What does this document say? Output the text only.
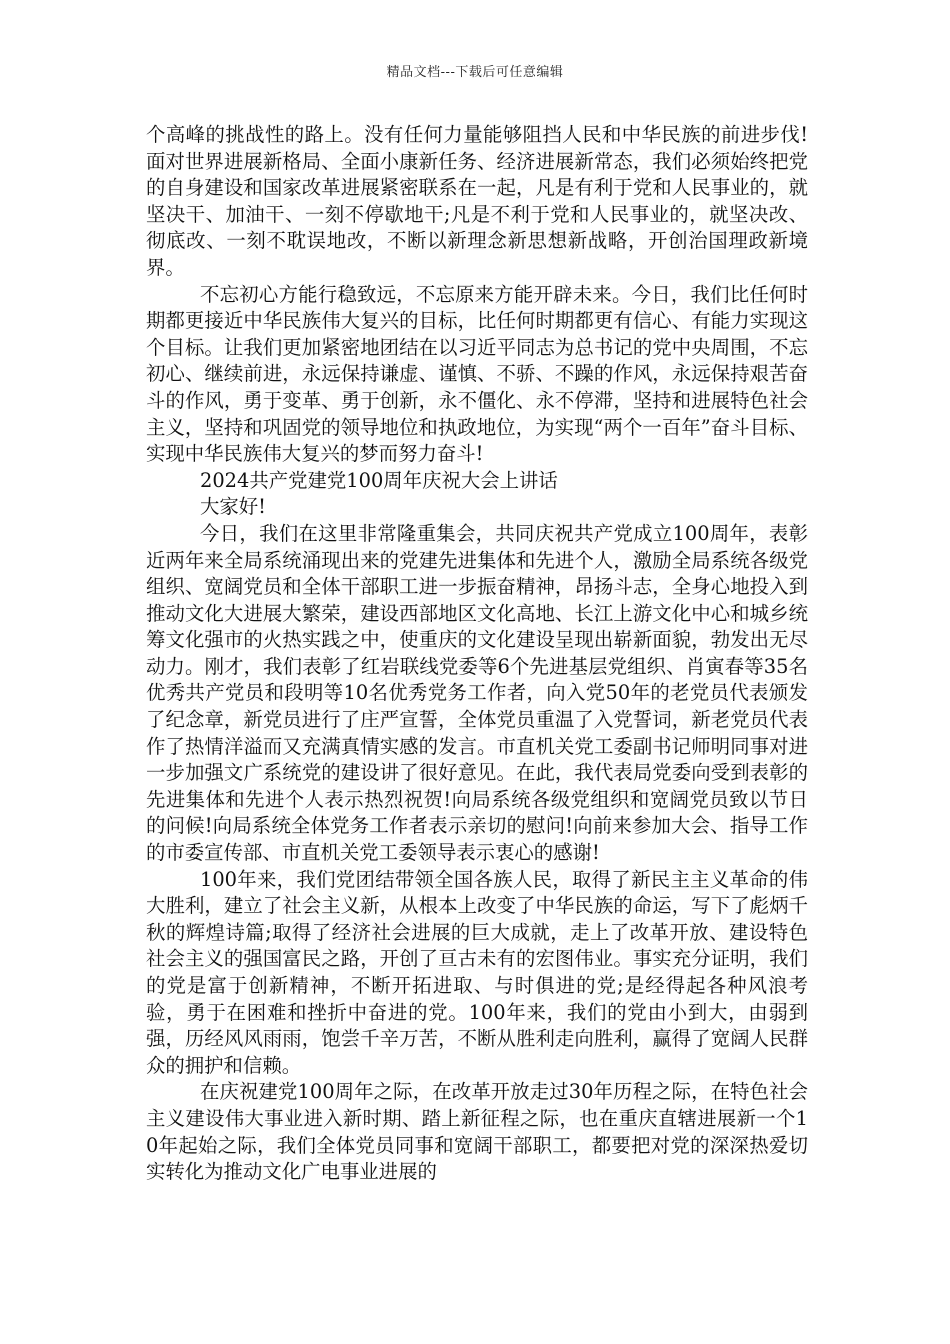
精品文档---下载后可任意编辑

个高峰的挑战性的路上。没有任何力量能够阻挡人民和中华民族的前进步伐!面对世界进展新格局、全面小康新任务、经济进展新常态，我们必须始终把党的自身建设和国家改革进展紧密联系在一起，凡是有利于党和人民事业的，就坚决干、加油干、一刻不停歇地干;凡是不利于党和人民事业的，就坚决改、彻底改、一刻不耽误地改，不断以新理念新思想新战略，开创治国理政新境界。

不忘初心方能行稳致远，不忘原来方能开辟未来。今日，我们比任何时期都更接近中华民族伟大复兴的目标，比任何时期都更有信心、有能力实现这个目标。让我们更加紧密地团结在以习近平同志为总书记的党中央周围，不忘初心、继续前进，永远保持谦虚、谨慎、不骄、不躁的作风，永远保持艰苦奋斗的作风，勇于变革、勇于创新，永不僵化、永不停滞，坚持和进展特色社会主义，坚持和巩固党的领导地位和执政地位，为实现“两个一百年”奋斗目标、实现中华民族伟大复兴的梦而努力奋斗!

2024共产党建党100周年庆祝大会上讲话

大家好!

今日，我们在这里非常隆重集会，共同庆祝共产党成立100周年，表彰近两年来全局系统涌现出来的党建先进集体和先进个人，激励全局系统各级党组织、宽阔党员和全体干部职工进一步振奋精神，昂扬斗志，全身心地投入到推动文化大进展大繁荣，建设西部地区文化高地、长江上游文化中心和城乡统筹文化强市的火热实践之中，使重庆的文化建设呈现出崭新面貌，勃发出无尽动力。刚才，我们表彰了红岩联线党委等6个先进基层党组织、肖寅春等35名优秀共产党员和段明等10名优秀党务工作者，向入党50年的老党员代表颁发了纪念章，新党员进行了庄严宣誓，全体党员重温了入党誓词，新老党员代表作了热情洋溢而又充满真情实感的发言。市直机关党工委副书记师明同事对进一步加强文广系统党的建设讲了很好意见。在此，我代表局党委向受到表彰的先进集体和先进个人表示热烈祝贺!向局系统各级党组织和宽阔党员致以节日的问候!向局系统全体党务工作者表示亲切的慰问!向前来参加大会、指导工作的市委宣传部、市直机关党工委领导表示衷心的感谢!

100年来，我们党团结带领全国各族人民，取得了新民主主义革命的伟大胜利，建立了社会主义新，从根本上改变了中华民族的命运，写下了彪炳千秋的辉煌诗篇;取得了经济社会进展的巨大成就，走上了改革开放、建设特色社会主义的强国富民之路，开创了亘古未有的宏图伟业。事实充分证明，我们的党是富于创新精神，不断开拓进取、与时俱进的党;是经得起各种风浪考验，勇于在困难和挫折中奋进的党。100年来，我们的党由小到大，由弱到强，历经风风雨雨，饱尝千辛万苦，不断从胜利走向胜利，赢得了宽阔人民群众的拥护和信赖。

在庆祝建党100周年之际，在改革开放走过30年历程之际，在特色社会主义建设伟大事业进入新时期、踏上新征程之际，也在重庆直辖进展新一个10年起始之际，我们全体党员同事和宽阔干部职工，都要把对党的深深热爱切实转化为推动文化广电事业进展的
